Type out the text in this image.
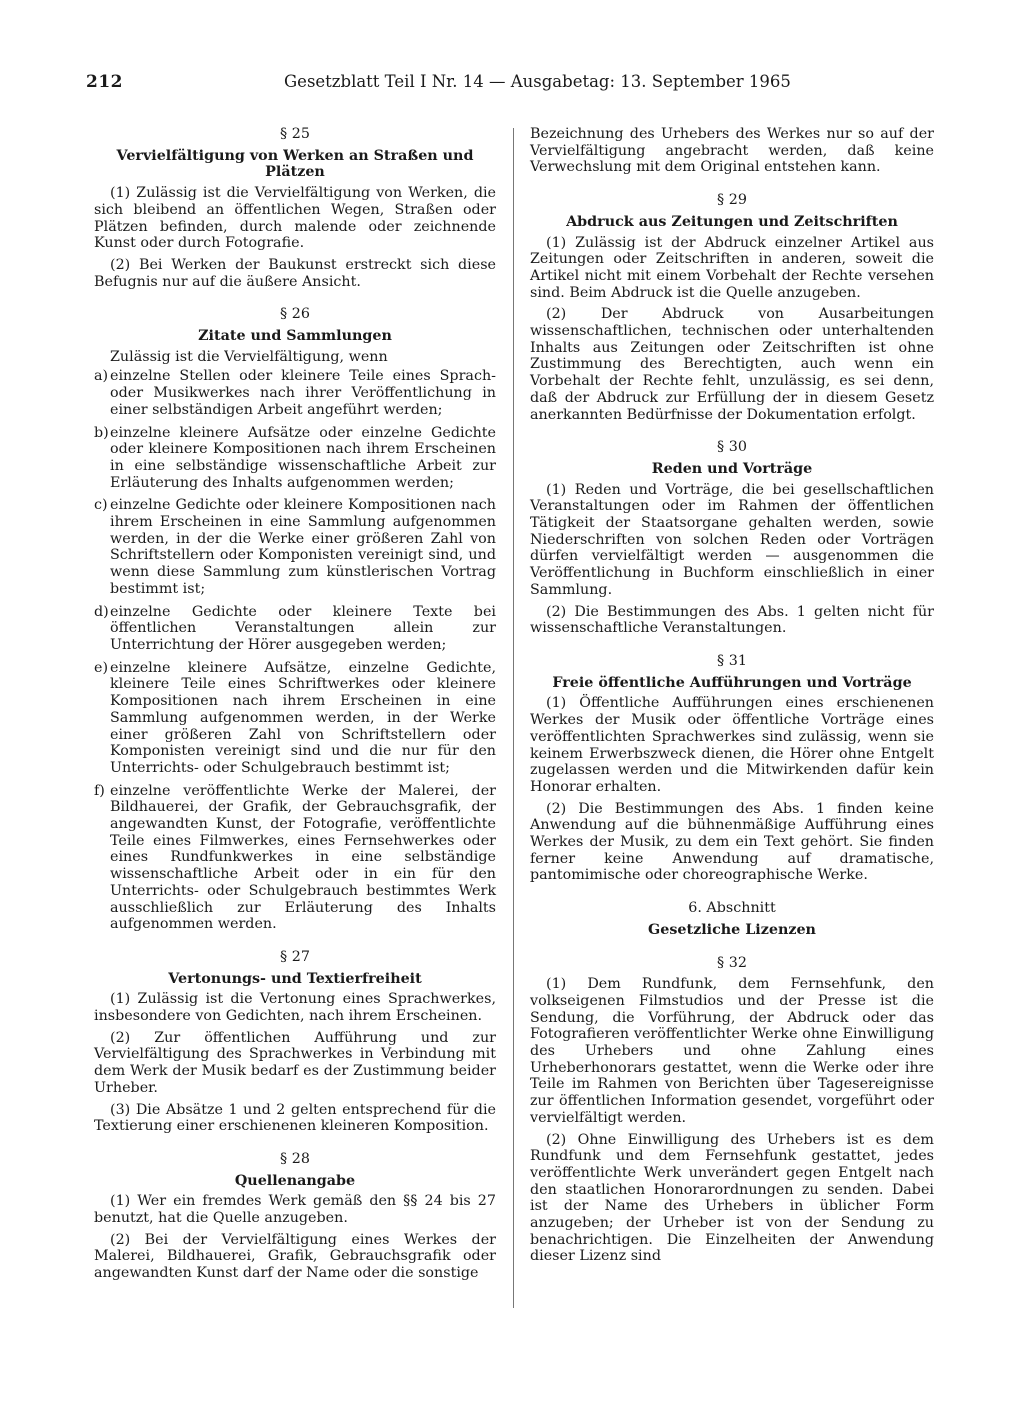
212	Gesetzblatt Teil I Nr. 14 — Ausgabetag: 13. September 1965
§ 25
Vervielfältigung von Werken an Straßen und Plätzen

(1) Zulässig ist die Vervielfältigung von Werken, die sich bleibend an öffentlichen Wegen, Straßen oder Plätzen befinden, durch malende oder zeichnende Kunst oder durch Fotografie.

(2) Bei Werken der Baukunst erstreckt sich diese Befugnis nur auf die äußere Ansicht.

§ 26
Zitate und Sammlungen

Zulässig ist die Vervielfältigung, wenn

a) einzelne Stellen oder kleinere Teile eines Sprach- oder Musikwerkes nach ihrer Veröffentlichung in einer selbständigen Arbeit angeführt werden;
b) einzelne kleinere Aufsätze oder einzelne Gedichte oder kleinere Kompositionen nach ihrem Erscheinen in eine selbständige wissenschaftliche Arbeit zur Erläuterung des Inhalts aufgenommen werden;
c) einzelne Gedichte oder kleinere Kompositionen nach ihrem Erscheinen in eine Sammlung aufgenommen werden, in der die Werke einer größeren Zahl von Schriftstellern oder Komponisten vereinigt sind, und wenn diese Sammlung zum künstlerischen Vortrag bestimmt ist;
d) einzelne Gedichte oder kleinere Texte bei öffentlichen Veranstaltungen allein zur Unterrichtung der Hörer ausgegeben werden;
e) einzelne kleinere Aufsätze, einzelne Gedichte, kleinere Teile eines Schriftwerkes oder kleinere Kompositionen nach ihrem Erscheinen in eine Sammlung aufgenommen werden, in der Werke einer größeren Zahl von Schriftstellern oder Komponisten vereinigt sind und die nur für den Unterrichts- oder Schulgebrauch bestimmt ist;
f) einzelne veröffentlichte Werke der Malerei, der Bildhauerei, der Grafik, der Gebrauchsgrafik, der angewandten Kunst, der Fotografie, veröffentlichte Teile eines Filmwerkes, eines Fernsehwerkes oder eines Rundfunkwerkes in eine selbständige wissenschaftliche Arbeit oder in ein für den Unterrichts- oder Schulgebrauch bestimmtes Werk ausschließlich zur Erläuterung des Inhalts aufgenommen werden.
§ 27
Vertonungs- und Textierfreiheit

(1) Zulässig ist die Vertonung eines Sprachwerkes, insbesondere von Gedichten, nach ihrem Erscheinen.

(2) Zur öffentlichen Aufführung und zur Vervielfältigung des Sprachwerkes in Verbindung mit dem Werk der Musik bedarf es der Zustimmung beider Urheber.

(3) Die Absätze 1 und 2 gelten entsprechend für die Textierung einer erschienenen kleineren Komposition.

§ 28
Quellenangabe

(1) Wer ein fremdes Werk gemäß den §§ 24 bis 27 benutzt, hat die Quelle anzugeben.

(2) Bei der Vervielfältigung eines Werkes der Malerei, Bildhauerei, Grafik, Gebrauchsgrafik oder angewandten Kunst darf der Name oder die sonstige

Bezeichnung des Urhebers des Werkes nur so auf der Vervielfältigung angebracht werden, daß keine Verwechslung mit dem Original entstehen kann.

§ 29
Abdruck aus Zeitungen und Zeitschriften

(1) Zulässig ist der Abdruck einzelner Artikel aus Zeitungen oder Zeitschriften in anderen, soweit die Artikel nicht mit einem Vorbehalt der Rechte versehen sind. Beim Abdruck ist die Quelle anzugeben.

(2) Der Abdruck von Ausarbeitungen wissenschaftlichen, technischen oder unterhaltenden Inhalts aus Zeitungen oder Zeitschriften ist ohne Zustimmung des Berechtigten, auch wenn ein Vorbehalt der Rechte fehlt, unzulässig, es sei denn, daß der Abdruck zur Erfüllung der in diesem Gesetz anerkannten Bedürfnisse der Dokumentation erfolgt.

§ 30
Reden und Vorträge

(1) Reden und Vorträge, die bei gesellschaftlichen Veranstaltungen oder im Rahmen der öffentlichen Tätigkeit der Staatsorgane gehalten werden, sowie Niederschriften von solchen Reden oder Vorträgen dürfen vervielfältigt werden — ausgenommen die Veröffentlichung in Buchform einschließlich in einer Sammlung.

(2) Die Bestimmungen des Abs. 1 gelten nicht für wissenschaftliche Veranstaltungen.

§ 31
Freie öffentliche Aufführungen und Vorträge

(1) Öffentliche Aufführungen eines erschienenen Werkes der Musik oder öffentliche Vorträge eines veröffentlichten Sprachwerkes sind zulässig, wenn sie keinem Erwerbszweck dienen, die Hörer ohne Entgelt zugelassen werden und die Mitwirkenden dafür kein Honorar erhalten.

(2) Die Bestimmungen des Abs. 1 finden keine Anwendung auf die bühnenmäßige Aufführung eines Werkes der Musik, zu dem ein Text gehört. Sie finden ferner keine Anwendung auf dramatische, pantomimische oder choreographische Werke.

6. Abschnitt
Gesetzliche Lizenzen
§ 32

(1) Dem Rundfunk, dem Fernsehfunk, den volkseigenen Filmstudios und der Presse ist die Sendung, die Vorführung, der Abdruck oder das Fotografieren veröffentlichter Werke ohne Einwilligung des Urhebers und ohne Zahlung eines Urheberhonorars gestattet, wenn die Werke oder ihre Teile im Rahmen von Berichten über Tagesereignisse zur öffentlichen Information gesendet, vorgeführt oder vervielfältigt werden.

(2) Ohne Einwilligung des Urhebers ist es dem Rundfunk und dem Fernsehfunk gestattet, jedes veröffentlichte Werk unverändert gegen Entgelt nach den staatlichen Honorarordnungen zu senden. Dabei ist der Name des Urhebers in üblicher Form anzugeben; der Urheber ist von der Sendung zu benachrichtigen. Die Einzelheiten der Anwendung dieser Lizenz sind
